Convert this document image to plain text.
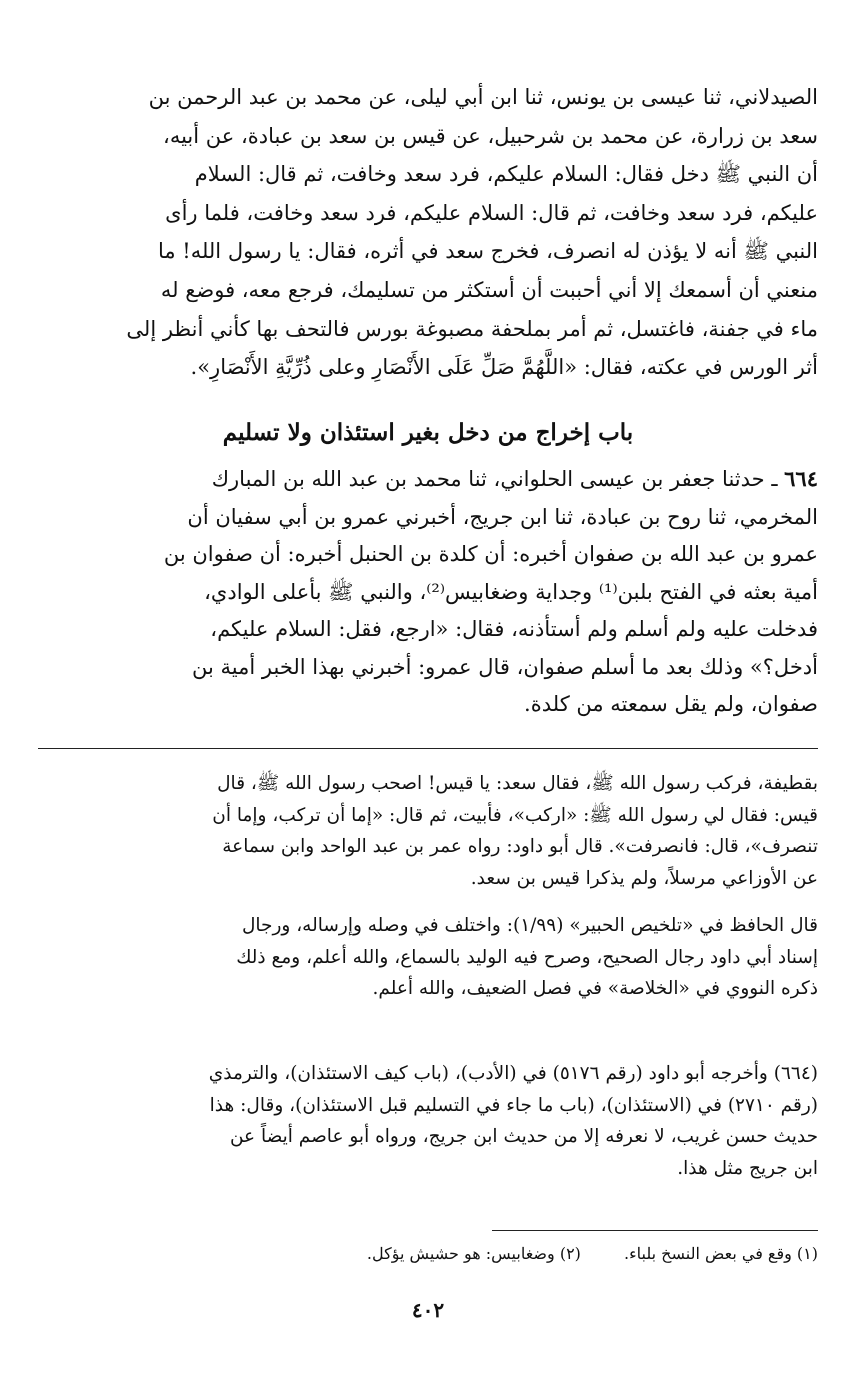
الصيدلاني، ثنا عيسى بن يونس، ثنا ابن أبي ليلى، عن محمد بن عبد الرحمن بن
سعد بن زرارة، عن محمد بن شرحبيل، عن قيس بن سعد بن عبادة، عن أبيه،
أن النبي ﷺ دخل فقال: السلام عليكم، فرد سعد وخافت، ثم قال: السلام
عليكم، فرد سعد وخافت، ثم قال: السلام عليكم، فرد سعد وخافت، فلما رأى
النبي ﷺ أنه لا يؤذن له انصرف، فخرج سعد في أثره، فقال: يا رسول الله! ما
منعني أن أسمعك إلا أني أحببت أن أستكثر من تسليمك، فرجع معه، فوضع له
ماء في جفنة، فاغتسل، ثم أمر بملحفة مصبوغة بورس فالتحف بها كأني أنظر إلى
أثر الورس في عكته، فقال: «اللَّهُمَّ صَلِّ عَلَى الأَنْصَارِ وعلى ذُرِّيَّةِ الأَنْصَارِ».
باب إخراج من دخل بغير استئذان ولا تسليم
٦٦٤ ـ حدثنا جعفر بن عيسى الحلواني، ثنا محمد بن عبد الله بن المبارك
المخرمي، ثنا روح بن عبادة، ثنا ابن جريج، أخبرني عمرو بن أبي سفيان أن
عمرو بن عبد الله بن صفوان أخبره: أن كلدة بن الحنبل أخبره: أن صفوان بن
أمية بعثه في الفتح بلبن⁽¹⁾ وجداية وضغابيس⁽²⁾، والنبي ﷺ بأعلى الوادي،
فدخلت عليه ولم أسلم ولم أستأذنه، فقال: «ارجع، فقل: السلام عليكم،
أدخل؟» وذلك بعد ما أسلم صفوان، قال عمرو: أخبرني بهذا الخبر أمية بن
صفوان، ولم يقل سمعته من كلدة.
بقطيفة، فركب رسول الله ﷺ، فقال سعد: يا قيس! اصحب رسول الله ﷺ، قال
قيس: فقال لي رسول الله ﷺ: «اركب»، فأبيت، ثم قال: «إما أن تركب، وإما أن
تنصرف»، قال: فانصرفت». قال أبو داود: رواه عمر بن عبد الواحد وابن سماعة
عن الأوزاعي مرسلاً، ولم يذكرا قيس بن سعد.
قال الحافظ في «تلخيص الحبير» (١/٩٩): واختلف في وصله وإرساله، ورجال
إسناد أبي داود رجال الصحيح، وصرح فيه الوليد بالسماع، والله أعلم، ومع ذلك
ذكره النووي في «الخلاصة» في فصل الضعيف، والله أعلم.
(٦٦٤) وأخرجه أبو داود (رقم ٥١٧٦) في (الأدب)، (باب كيف الاستئذان)، والترمذي
(رقم ٢٧١٠) في (الاستئذان)، (باب ما جاء في التسليم قبل الاستئذان)، وقال: هذا
حديث حسن غريب، لا نعرفه إلا من حديث ابن جريج، ورواه أبو عاصم أيضاً عن
ابن جريج مثل هذا.
(١) وقع في بعض النسخ بلباء. (٢) وضغابيس: هو حشيش يؤكل.
٤٠٢
